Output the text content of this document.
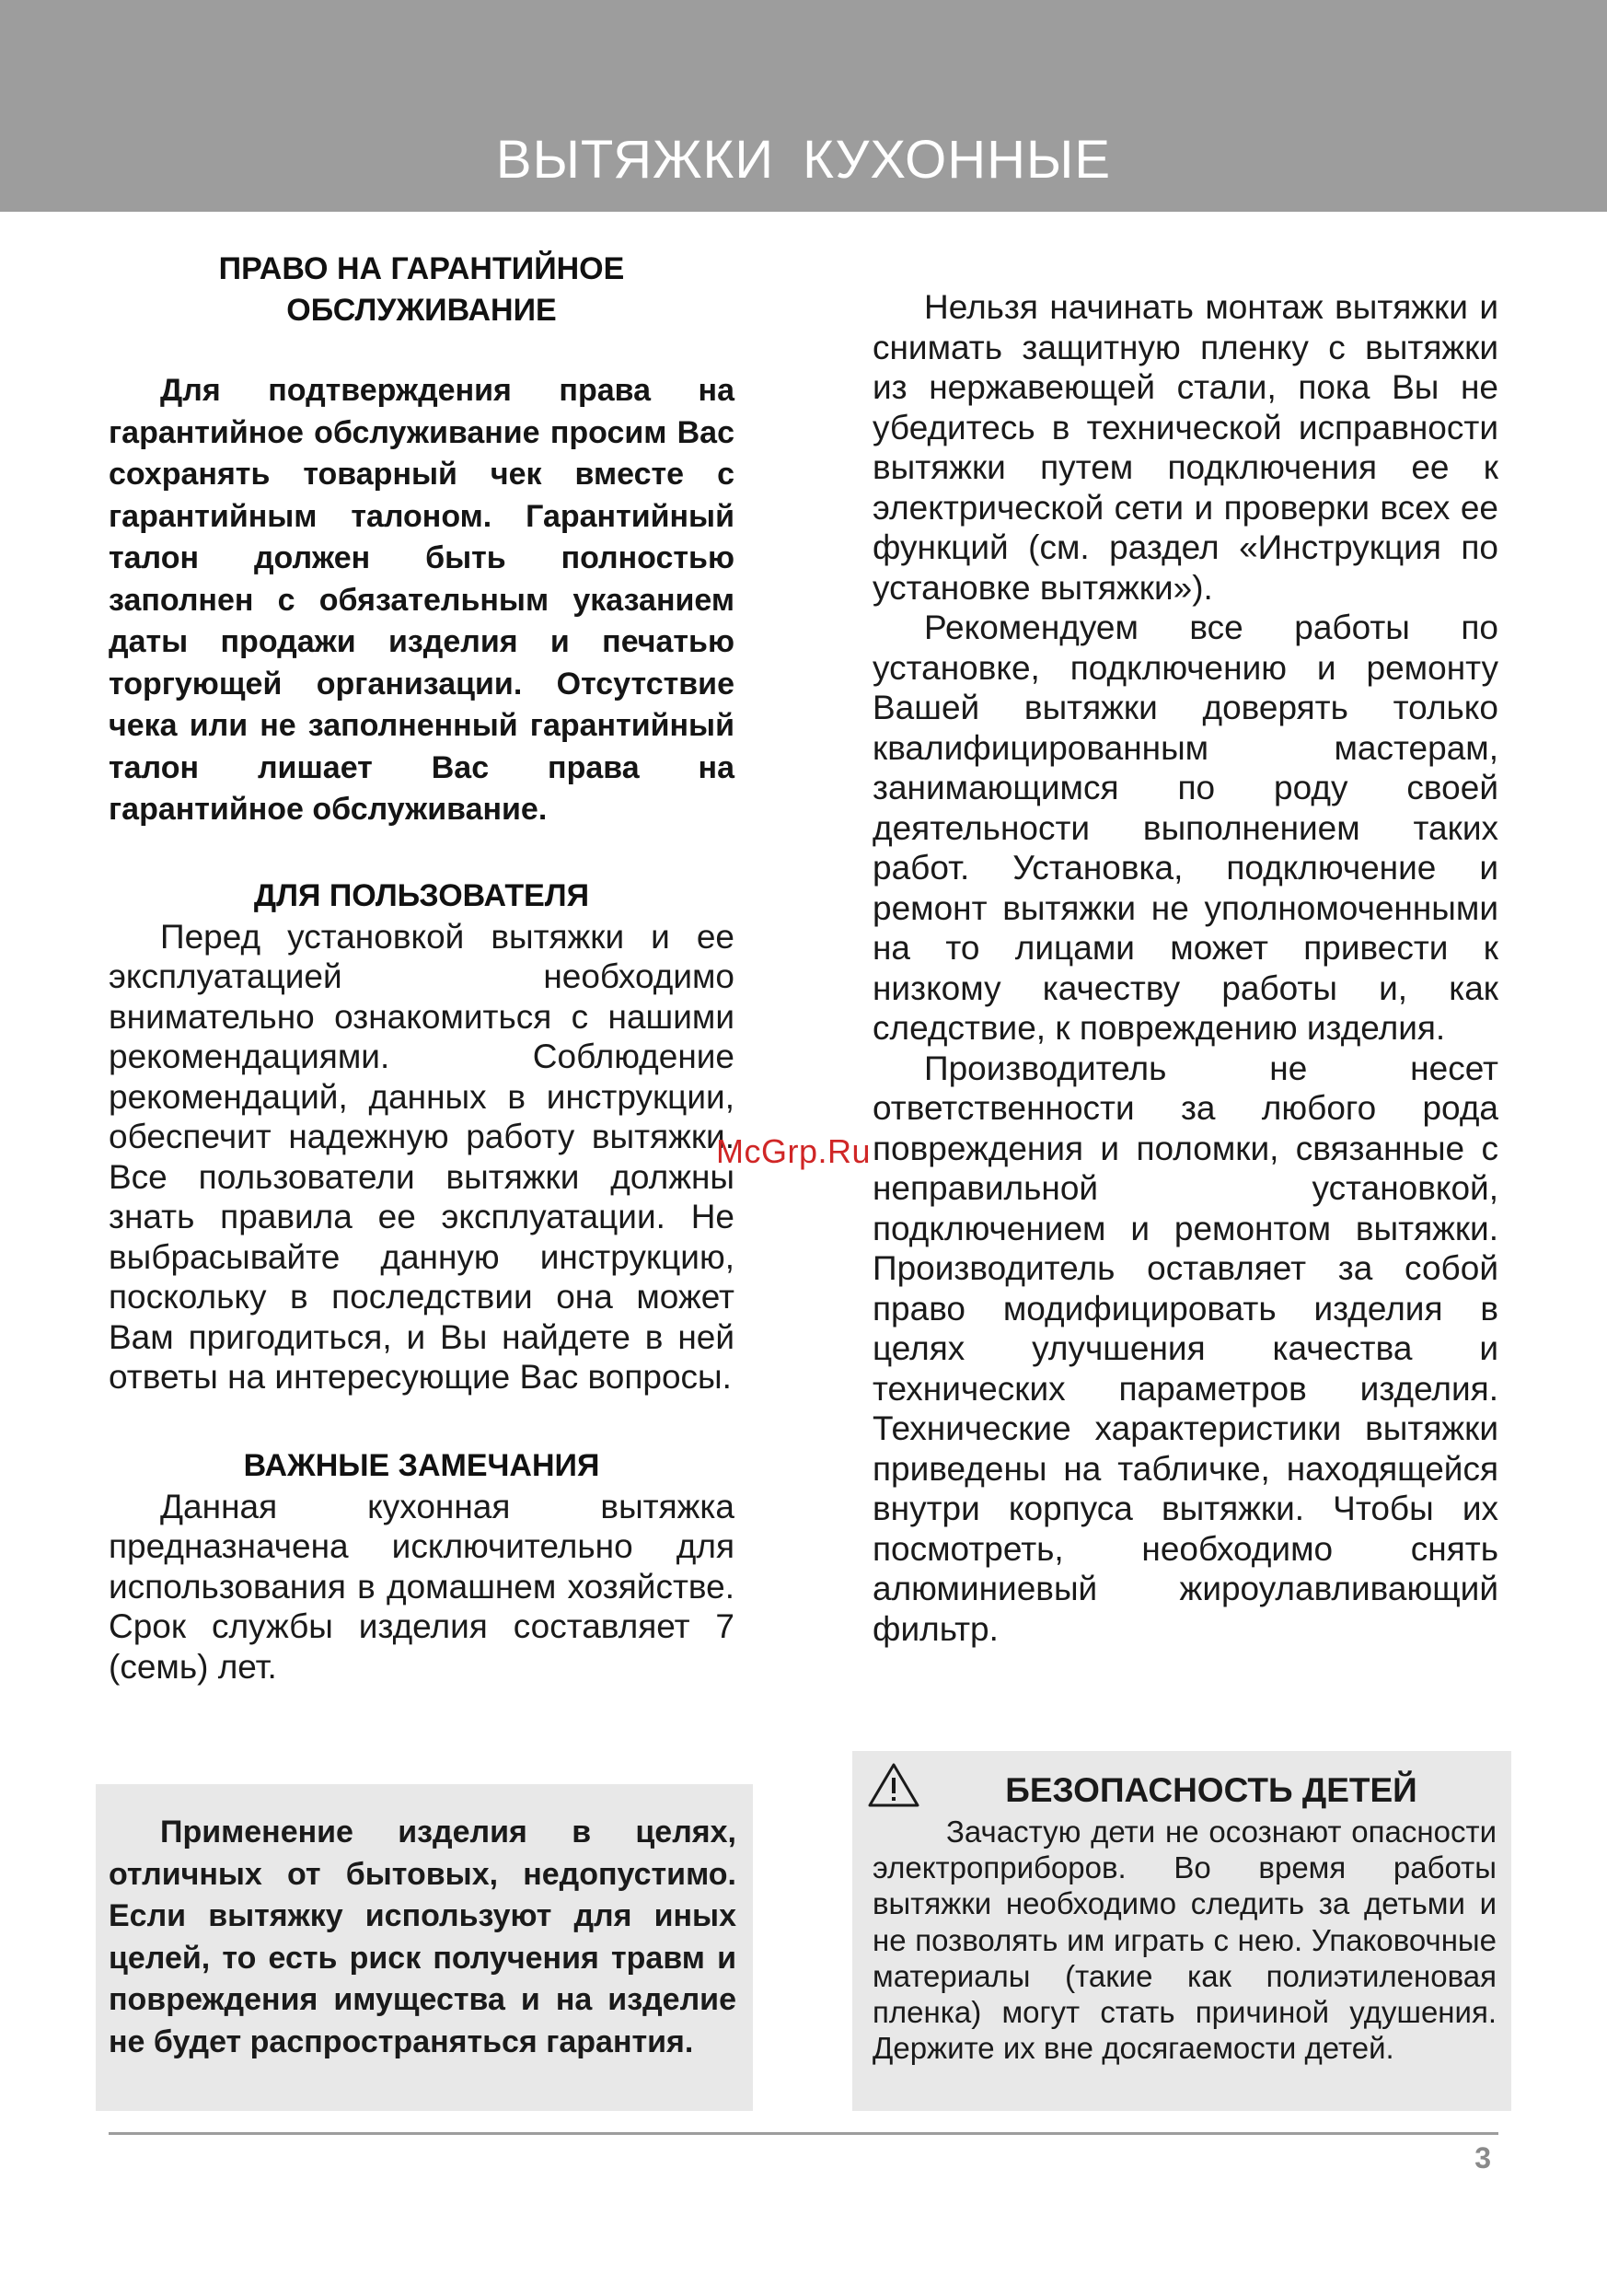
ВЫТЯЖКИ КУХОННЫЕ
ПРАВО НА ГАРАНТИЙНОЕ ОБСЛУЖИВАНИЕ

Для подтверждения права на гарантийное обслуживание просим Вас сохранять товарный чек вместе с гарантийным талоном. Гарантийный талон должен быть полностью заполнен с обязательным указанием даты продажи изделия и печатью торгующей организации. Отсутствие чека или не заполненный гарантийный талон лишает Вас права на гарантийное обслуживание.

ДЛЯ ПОЛЬЗОВАТЕЛЯ

Перед установкой вытяжки и ее эксплуатацией необходимо внимательно ознакомиться с нашими рекомендациями. Соблюдение рекомендаций, данных в инструкции, обеспечит надежную работу вытяжки. Все пользователи вытяжки должны знать правила ее эксплуатации. Не выбрасывайте данную инструкцию, поскольку в последствии она может Вам пригодиться, и Вы найдете в ней ответы на интересующие Вас вопросы.

ВАЖНЫЕ ЗАМЕЧАНИЯ

Данная кухонная вытяжка предназначена исключительно для использования в домашнем хозяйстве. Срок службы изделия составляет 7 (семь) лет.

Применение изделия в целях, отличных от бытовых, недопустимо. Если вытяжку используют для иных целей, то есть риск получения травм и повреждения имущества и на изделие не будет распространяться гарантия.

Нельзя начинать монтаж вытяжки и снимать защитную пленку с вытяжки из нержавеющей стали, пока Вы не убедитесь в технической исправности вытяжки путем подключения ее к электрической сети и проверки всех ее функций (см. раздел «Инструкция по установке вытяжки»).

Рекомендуем все работы по установке, подключению и ремонту Вашей вытяжки доверять только квалифицированным мастерам, занимающимся по роду своей деятельности выполнением таких работ. Установка, подключение и ремонт вытяжки не уполномоченными на то лицами может привести к низкому качеству работы и, как следствие, к повреждению изделия.

Производитель не несет ответственности за любого рода повреждения и поломки, связанные с неправильной установкой, подключением и ремонтом вытяжки. Производитель оставляет за собой право модифицировать изделия в целях улучшения качества и технических параметров изделия. Технические характеристики вытяжки приведены на табличке, находящейся внутри корпуса вытяжки. Чтобы их посмотреть, необходимо снять алюминиевый жироулавливающий фильтр.

БЕЗОПАСНОСТЬ ДЕТЕЙ

Зачастую дети не осознают опасности электроприборов. Во время работы вытяжки необходимо следить за детьми и не позволять им играть с нею. Упаковочные материалы (такие как полиэтиленовая пленка) могут стать причиной удушения. Держите их вне досягаемости детей.

McGrp.Ru
3
